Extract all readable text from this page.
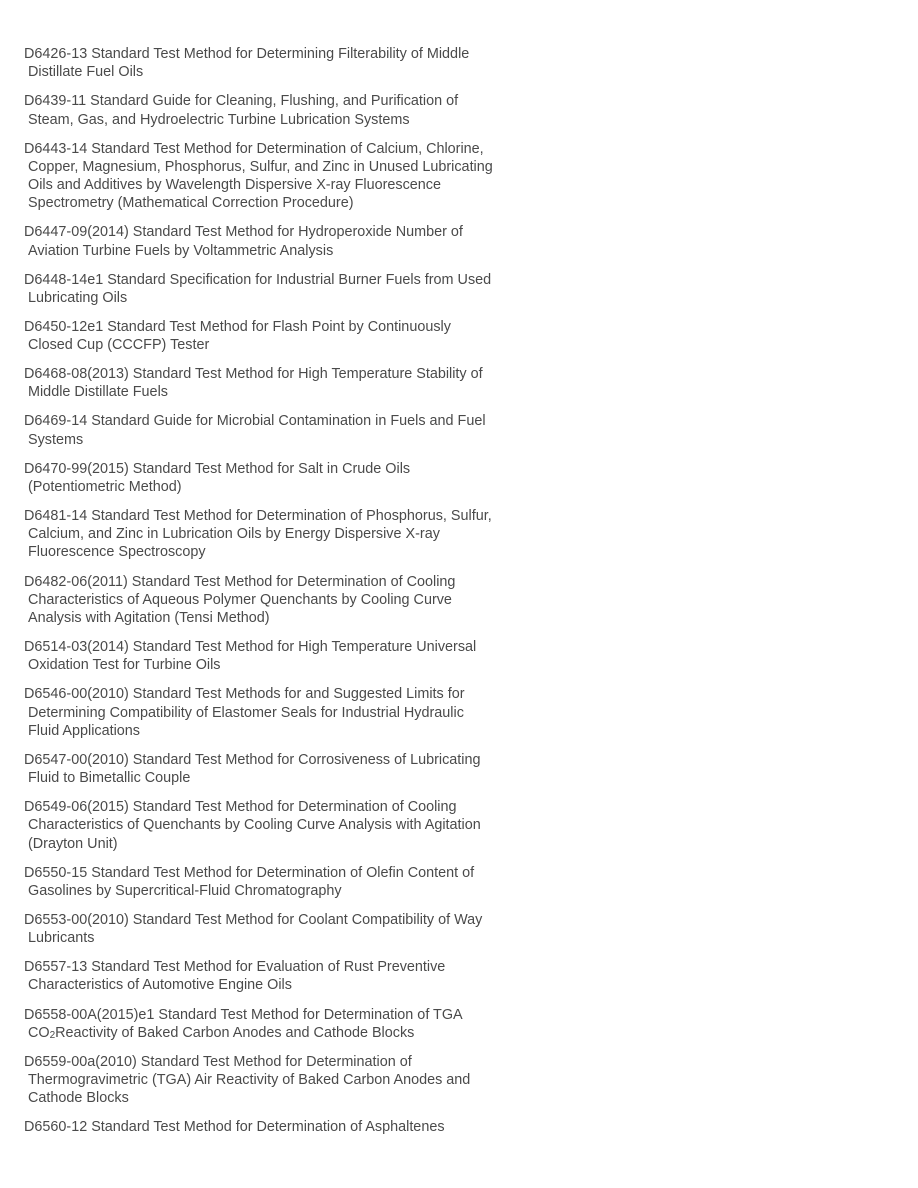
D6426-13 Standard Test Method for Determining Filterability of Middle
Distillate Fuel Oils
D6439-11 Standard Guide for Cleaning, Flushing, and Purification of
Steam, Gas, and Hydroelectric Turbine Lubrication Systems
D6443-14 Standard Test Method for Determination of Calcium, Chlorine,
Copper, Magnesium, Phosphorus, Sulfur, and Zinc in Unused Lubricating
Oils and Additives by Wavelength Dispersive X-ray Fluorescence
Spectrometry (Mathematical Correction Procedure)
D6447-09(2014) Standard Test Method for Hydroperoxide Number of
Aviation Turbine Fuels by Voltammetric Analysis
D6448-14e1 Standard Specification for Industrial Burner Fuels from Used
Lubricating Oils
D6450-12e1 Standard Test Method for Flash Point by Continuously
Closed Cup (CCCFP) Tester
D6468-08(2013) Standard Test Method for High Temperature Stability of
Middle Distillate Fuels
D6469-14 Standard Guide for Microbial Contamination in Fuels and Fuel
Systems
D6470-99(2015) Standard Test Method for Salt in Crude Oils
(Potentiometric Method)
D6481-14 Standard Test Method for Determination of Phosphorus, Sulfur,
Calcium, and Zinc in Lubrication Oils by Energy Dispersive X-ray
Fluorescence Spectroscopy
D6482-06(2011) Standard Test Method for Determination of Cooling
Characteristics of Aqueous Polymer Quenchants by Cooling Curve
Analysis with Agitation (Tensi Method)
D6514-03(2014) Standard Test Method for High Temperature Universal
Oxidation Test for Turbine Oils
D6546-00(2010) Standard Test Methods for and Suggested Limits for
Determining Compatibility of Elastomer Seals for Industrial Hydraulic
Fluid Applications
D6547-00(2010) Standard Test Method for Corrosiveness of Lubricating
Fluid to Bimetallic Couple
D6549-06(2015) Standard Test Method for Determination of Cooling
Characteristics of Quenchants by Cooling Curve Analysis with Agitation
(Drayton Unit)
D6550-15 Standard Test Method for Determination of Olefin Content of
Gasolines by Supercritical-Fluid Chromatography
D6553-00(2010) Standard Test Method for Coolant Compatibility of Way
Lubricants
D6557-13 Standard Test Method for Evaluation of Rust Preventive
Characteristics of Automotive Engine Oils
D6558-00A(2015)e1 Standard Test Method for Determination of TGA
$CO_2Reactivity$ of Baked Carbon Anodes and Cathode Blocks
D6559-00a(2010) Standard Test Method for Determination of
Thermogravimetric (TGA) Air Reactivity of Baked Carbon Anodes and
Cathode Blocks
D6560-12 Standard Test Method for Determination of Asphaltenes
